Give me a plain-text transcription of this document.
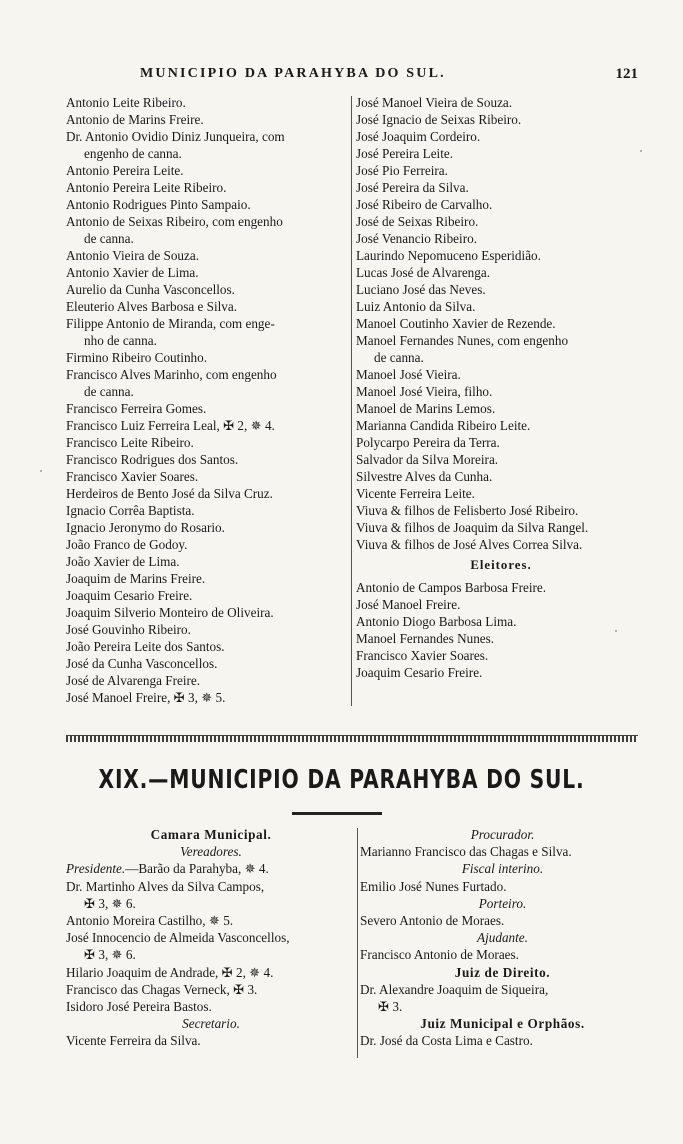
MUNICIPIO DA PARAHYBA DO SUL.	121
Antonio Leite Ribeiro.
Antonio de Marins Freire.
Dr. Antonio Ovidio Diniz Junqueira, com
engenho de canna.
Antonio Pereira Leite.
Antonio Pereira Leite Ribeiro.
Antonio Rodrigues Pinto Sampaio.
Antonio de Seixas Ribeiro, com engenho
de canna.
Antonio Vieira de Souza.
Antonio Xavier de Lima.
Aurelio da Cunha Vasconcellos.
Eleuterio Alves Barbosa e Silva.
Filippe Antonio de Miranda, com enge-
nho de canna.
Firmino Ribeiro Coutinho.
Francisco Alves Marinho, com engenho
de canna.
Francisco Ferreira Gomes.
Francisco Luiz Ferreira Leal, ✠ 2, ✵ 4.
Francisco Leite Ribeiro.
Francisco Rodrigues dos Santos.
Francisco Xavier Soares.
Herdeiros de Bento José da Silva Cruz.
Ignacio Corrêa Baptista.
Ignacio Jeronymo do Rosario.
João Franco de Godoy.
João Xavier de Lima.
Joaquim de Marins Freire.
Joaquim Cesario Freire.
Joaquim Silverio Monteiro de Oliveira.
José Gouvinho Ribeiro.
João Pereira Leite dos Santos.
José da Cunha Vasconcellos.
José de Alvarenga Freire.
José Manoel Freire, ✠ 3, ✵ 5.
José Manoel Vieira de Souza.
José Ignacio de Seixas Ribeiro.
José Joaquim Cordeiro.
José Pereira Leite.
José Pio Ferreira.
José Pereira da Silva.
José Ribeiro de Carvalho.
José de Seixas Ribeiro.
José Venancio Ribeiro.
Laurindo Nepomuceno Esperidião.
Lucas José de Alvarenga.
Luciano José das Neves.
Luiz Antonio da Silva.
Manoel Coutinho Xavier de Rezende.
Manoel Fernandes Nunes, com engenho
de canna.
Manoel José Vieira.
Manoel José Vieira, filho.
Manoel de Marins Lemos.
Marianna Candida Ribeiro Leite.
Polycarpo Pereira da Terra.
Salvador da Silva Moreira.
Silvestre Alves da Cunha.
Vicente Ferreira Leite.
Viuva & filhos de Felisberto José Ribeiro.
Viuva & filhos de Joaquim da Silva Rangel.
Viuva & filhos de José Alves Correa Silva.
Eleitores.
Antonio de Campos Barbosa Freire.
José Manoel Freire.
Antonio Diogo Barbosa Lima.
Manoel Fernandes Nunes.
Francisco Xavier Soares.
Joaquim Cesario Freire.
XIX.—MUNICIPIO DA PARAHYBA DO SUL.
Camara Municipal.
Vereadores.
Presidente.—Barão da Parahyba, ✵ 4.
Dr. Martinho Alves da Silva Campos,
✠ 3, ✵ 6.
Antonio Moreira Castilho, ✵ 5.
José Innocencio de Almeida Vasconcellos,
✠ 3, ✵ 6.
Hilario Joaquim de Andrade, ✠ 2, ✵ 4.
Francisco das Chagas Verneck, ✠ 3.
Isidoro José Pereira Bastos.
Secretario.
Vicente Ferreira da Silva.
Procurador.
Marianno Francisco das Chagas e Silva.
Fiscal interino.
Emilio José Nunes Furtado.
Porteiro.
Severo Antonio de Moraes.
Ajudante.
Francisco Antonio de Moraes.
Juiz de Direito.
Dr. Alexandre Joaquim de Siqueira,
✠ 3.
Juiz Municipal e Orphãos.
Dr. José da Costa Lima e Castro.
